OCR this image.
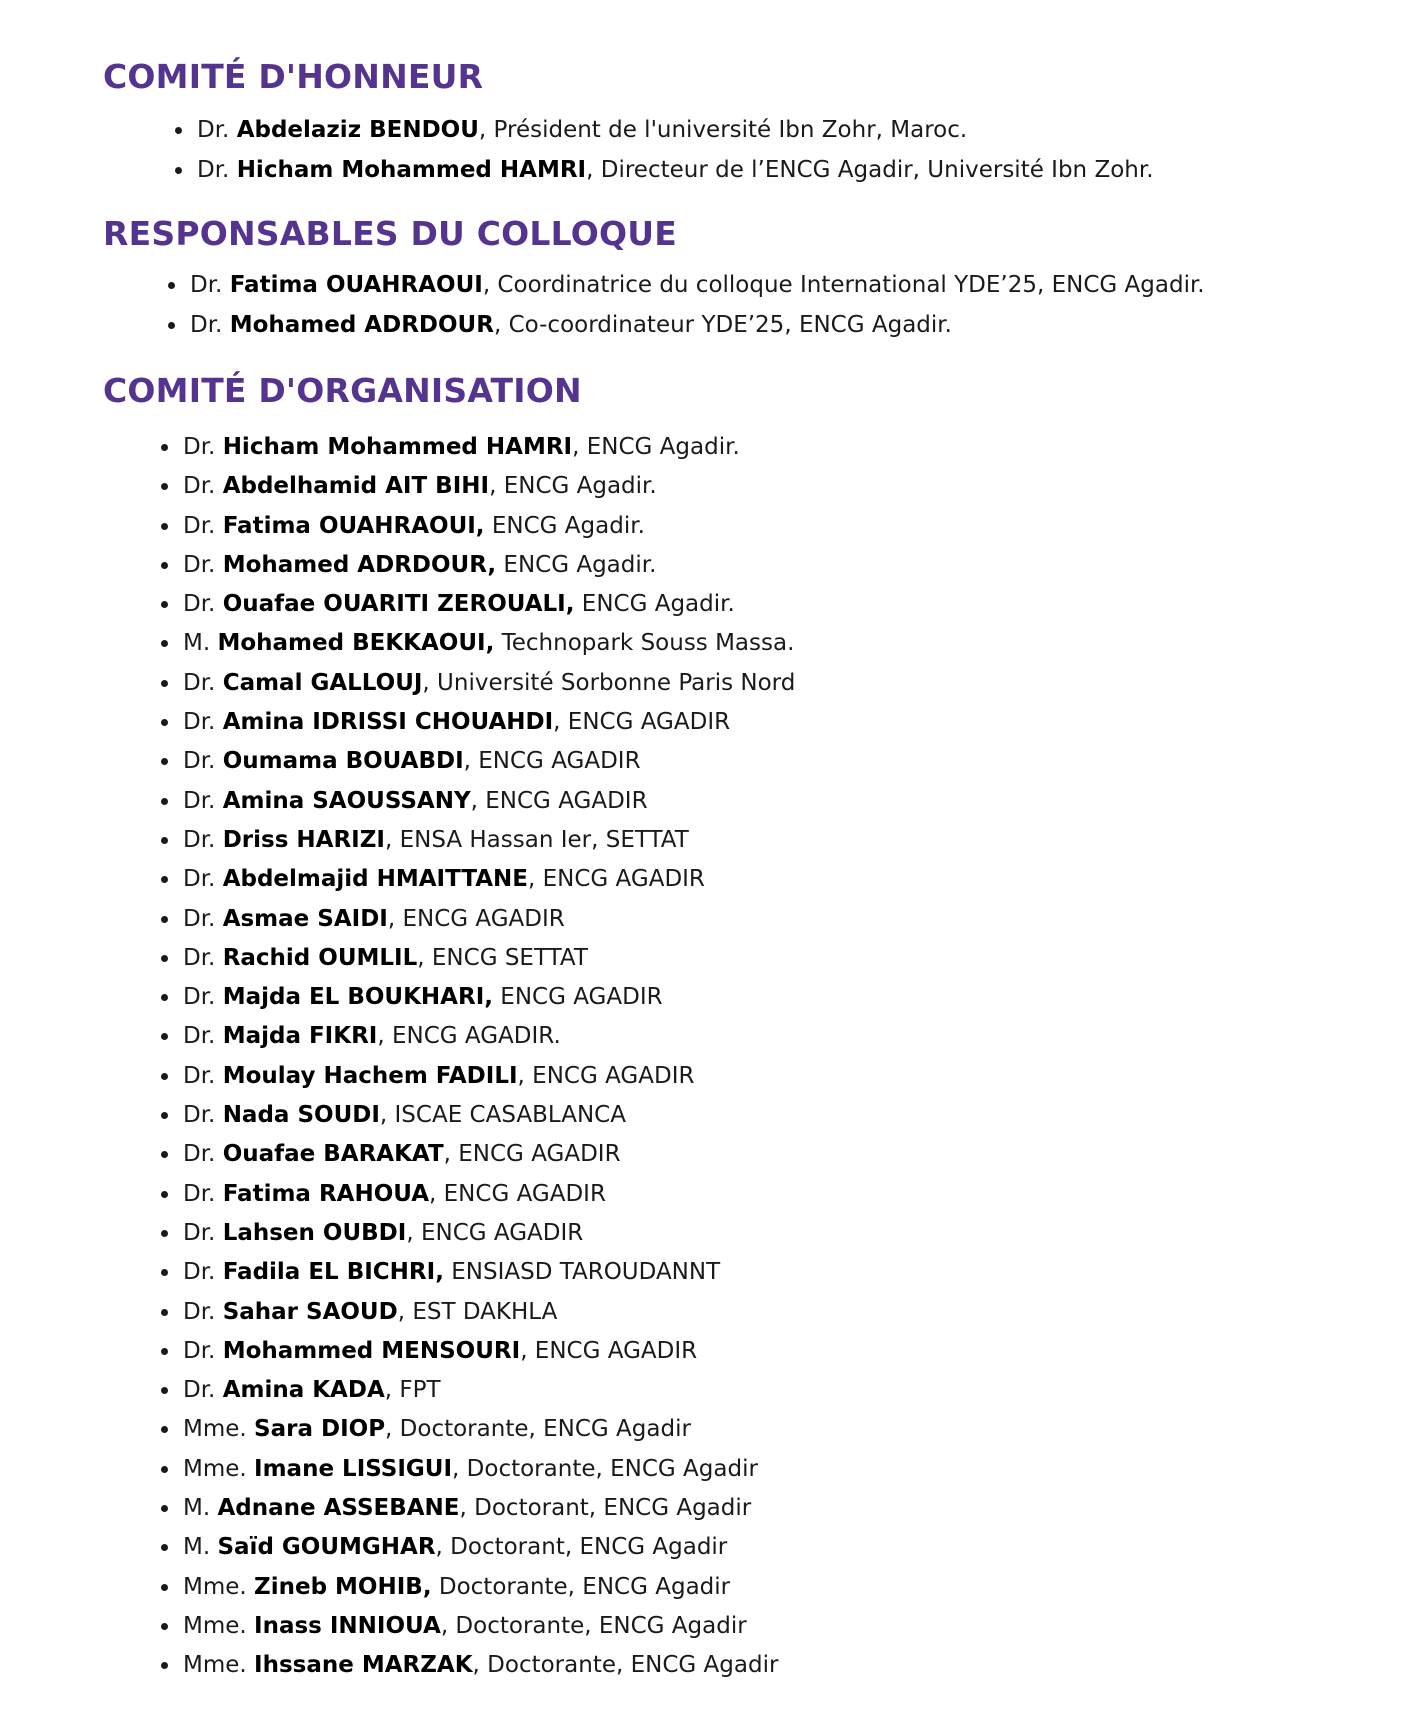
COMITÉ D'HONNEUR
Dr. Abdelaziz BENDOU, Président de l'université Ibn Zohr, Maroc.
Dr. Hicham Mohammed HAMRI, Directeur de l’ENCG Agadir, Université Ibn Zohr.
RESPONSABLES DU COLLOQUE
Dr. Fatima OUAHRAOUI, Coordinatrice du colloque International YDE’25, ENCG Agadir.
Dr. Mohamed ADRDOUR, Co-coordinateur YDE’25, ENCG Agadir.
COMITÉ D'ORGANISATION
Dr. Hicham Mohammed HAMRI, ENCG Agadir.
Dr. Abdelhamid AIT BIHI, ENCG Agadir.
Dr. Fatima OUAHRAOUI, ENCG Agadir.
Dr. Mohamed ADRDOUR, ENCG Agadir.
Dr. Ouafae OUARITI ZEROUALI, ENCG Agadir.
M. Mohamed BEKKAOUI, Technopark Souss Massa.
Dr. Camal GALLOUJ, Université Sorbonne Paris Nord
Dr. Amina IDRISSI CHOUAHDI, ENCG AGADIR
Dr. Oumama BOUABDI, ENCG AGADIR
Dr. Amina SAOUSSANY, ENCG AGADIR
Dr. Driss HARIZI, ENSA Hassan Ier, SETTAT
Dr. Abdelmajid HMAITTANE, ENCG AGADIR
Dr. Asmae SAIDI, ENCG AGADIR
Dr. Rachid OUMLIL, ENCG SETTAT
Dr. Majda EL BOUKHARI, ENCG AGADIR
Dr. Majda FIKRI, ENCG AGADIR.
Dr. Moulay Hachem FADILI, ENCG AGADIR
Dr. Nada SOUDI, ISCAE CASABLANCA
Dr. Ouafae BARAKAT, ENCG AGADIR
Dr. Fatima RAHOUA, ENCG AGADIR
Dr. Lahsen OUBDI, ENCG AGADIR
Dr. Fadila EL BICHRI, ENSIASD TAROUDANNT
Dr. Sahar SAOUD, EST DAKHLA
Dr. Mohammed MENSOURI, ENCG AGADIR
Dr. Amina KADA, FPT
Mme. Sara DIOP, Doctorante, ENCG Agadir
Mme. Imane LISSIGUI, Doctorante, ENCG Agadir
M. Adnane ASSEBANE, Doctorant, ENCG Agadir
M. Saïd GOUMGHAR, Doctorant, ENCG Agadir
Mme. Zineb MOHIB, Doctorante, ENCG Agadir
Mme. Inass INNIOUA, Doctorante, ENCG Agadir
Mme. Ihssane MARZAK, Doctorante, ENCG Agadir
